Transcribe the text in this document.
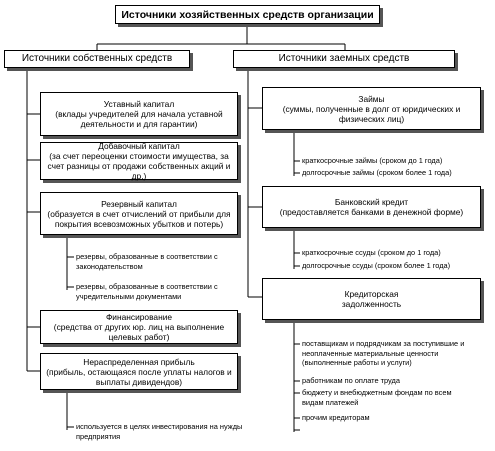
Источники хозяйственных средств организации
Источники собственных средств	Источники заемных средств
Уставный капитал
(вклады учредителей для начала уставной деятельности и для гарантии)
Добавочный капитал
(за счет переоценки стоимости имущества, за счет разницы от продажи собственных акций и др.)
Резервный капитал
(образуется в счет отчислений от прибыли для покрытия всевозможных убытков и потерь)
резервы, образованные в соответствии с законодательством
резервы, образованные в соответствии с учредительными документами
Финансирование
(средства от других юр. лиц на выполнение целевых работ)
Нераспределенная прибыль
(прибыль, остающаяся после уплаты налогов и выплаты дивидендов)
используется в целях инвестирования на нужды предприятия
Займы
(суммы, полученные в долг от юридических и физических лиц)
краткосрочные займы (сроком до 1 года)
долгосрочные займы (сроком более 1 года)
Банковский кредит
(предоставляется банками в денежной форме)
краткосрочные ссуды (сроком до 1 года)
долгосрочные ссуды (сроком более 1 года)
Кредиторская задолженность
поставщикам и подрядчикам за поступившие и неоплаченные материальные ценности (выполненные работы и услуги)
работникам по оплате труда
бюджету и внебюджетным фондам по всем видам платежей
прочим кредиторам
